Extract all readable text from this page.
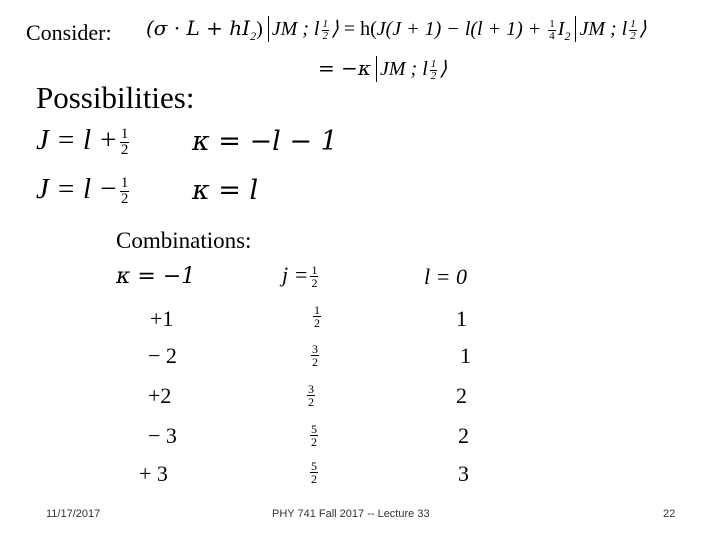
Consider: $(\sigma \cdot L + hI_2)$ JM ; l $\frac{1}{2}$ ⟩ = $h(J(J + 1) - l(l + 1) + \frac{1}{4} I_2$ JM ; l $\frac{1}{2}$ ⟩
= −κ JM ; l $\frac{1}{2}$ ⟩
Possibilities:
$J = l + \frac{1}{2}$ κ = −l − 1
$J = l - \frac{1}{2}$ κ = l
Combinations:
κ = −1	$j = \frac{1}{2}$	l = 0
+1	$\frac{1}{2}$	1
− 2	$\frac{3}{2}$	1
+2	$\frac{3}{2}$	2
− 3	$\frac{5}{2}$	2
+ 3	$\frac{5}{2}$	3
11/17/2017	PHY 741 Fall 2017 -- Lecture 33	22
